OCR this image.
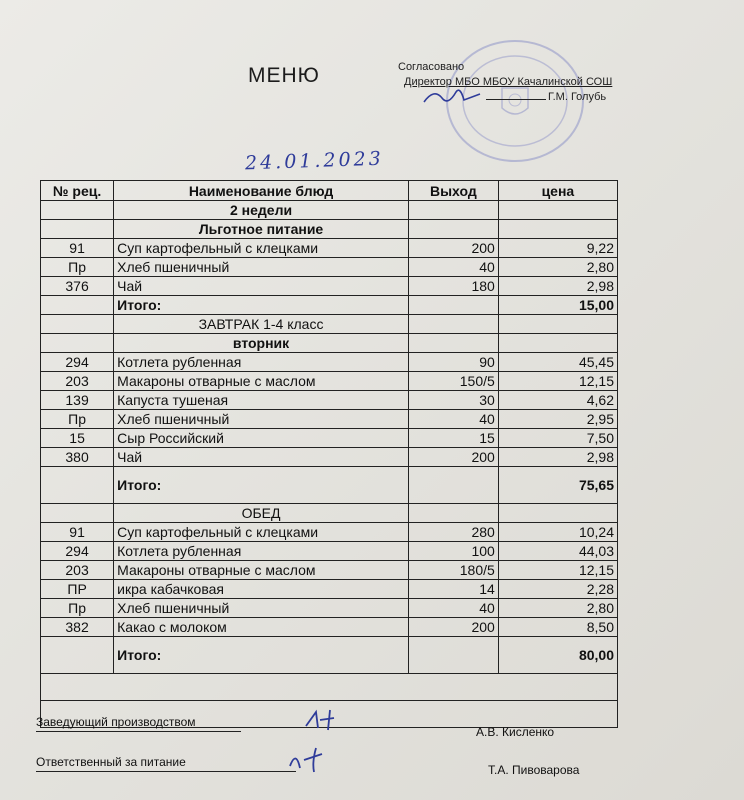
МЕНЮ	Согласовано
Директор МБО МБОУ Качалинской СОШ
Г.М. Голубь
24.01.2023
№ рец.	Наименование блюд	Выход	цена
	2 недели		
	Льготное питание		
91	Суп картофельный с клецками	200	9,22
Пр	Хлеб пшеничный	40	2,80
376	Чай	180	2,98
	Итого:		15,00
	ЗАВТРАК 1-4 класс		
	вторник		
294	Котлета рубленная	90	45,45
203	Макароны отварные с маслом	150/5	12,15
139	Капуста тушеная	30	4,62
Пр	Хлеб пшеничный	40	2,95
15	Сыр Российский	15	7,50
380	Чай	200	2,98
	Итого:		75,65
	ОБЕД		
91	Суп картофельный с клецками	280	10,24
294	Котлета рубленная	100	44,03
203	Макароны отварные с маслом	180/5	12,15
ПР	икра кабачковая	14	2,28
Пр	Хлеб пшеничный	40	2,80
382	Какао с молоком	200	8,50
	Итого:		80,00

Заведующий производством
А.В. Кисленко
Ответственный за питание
Т.А. Пивоварова
